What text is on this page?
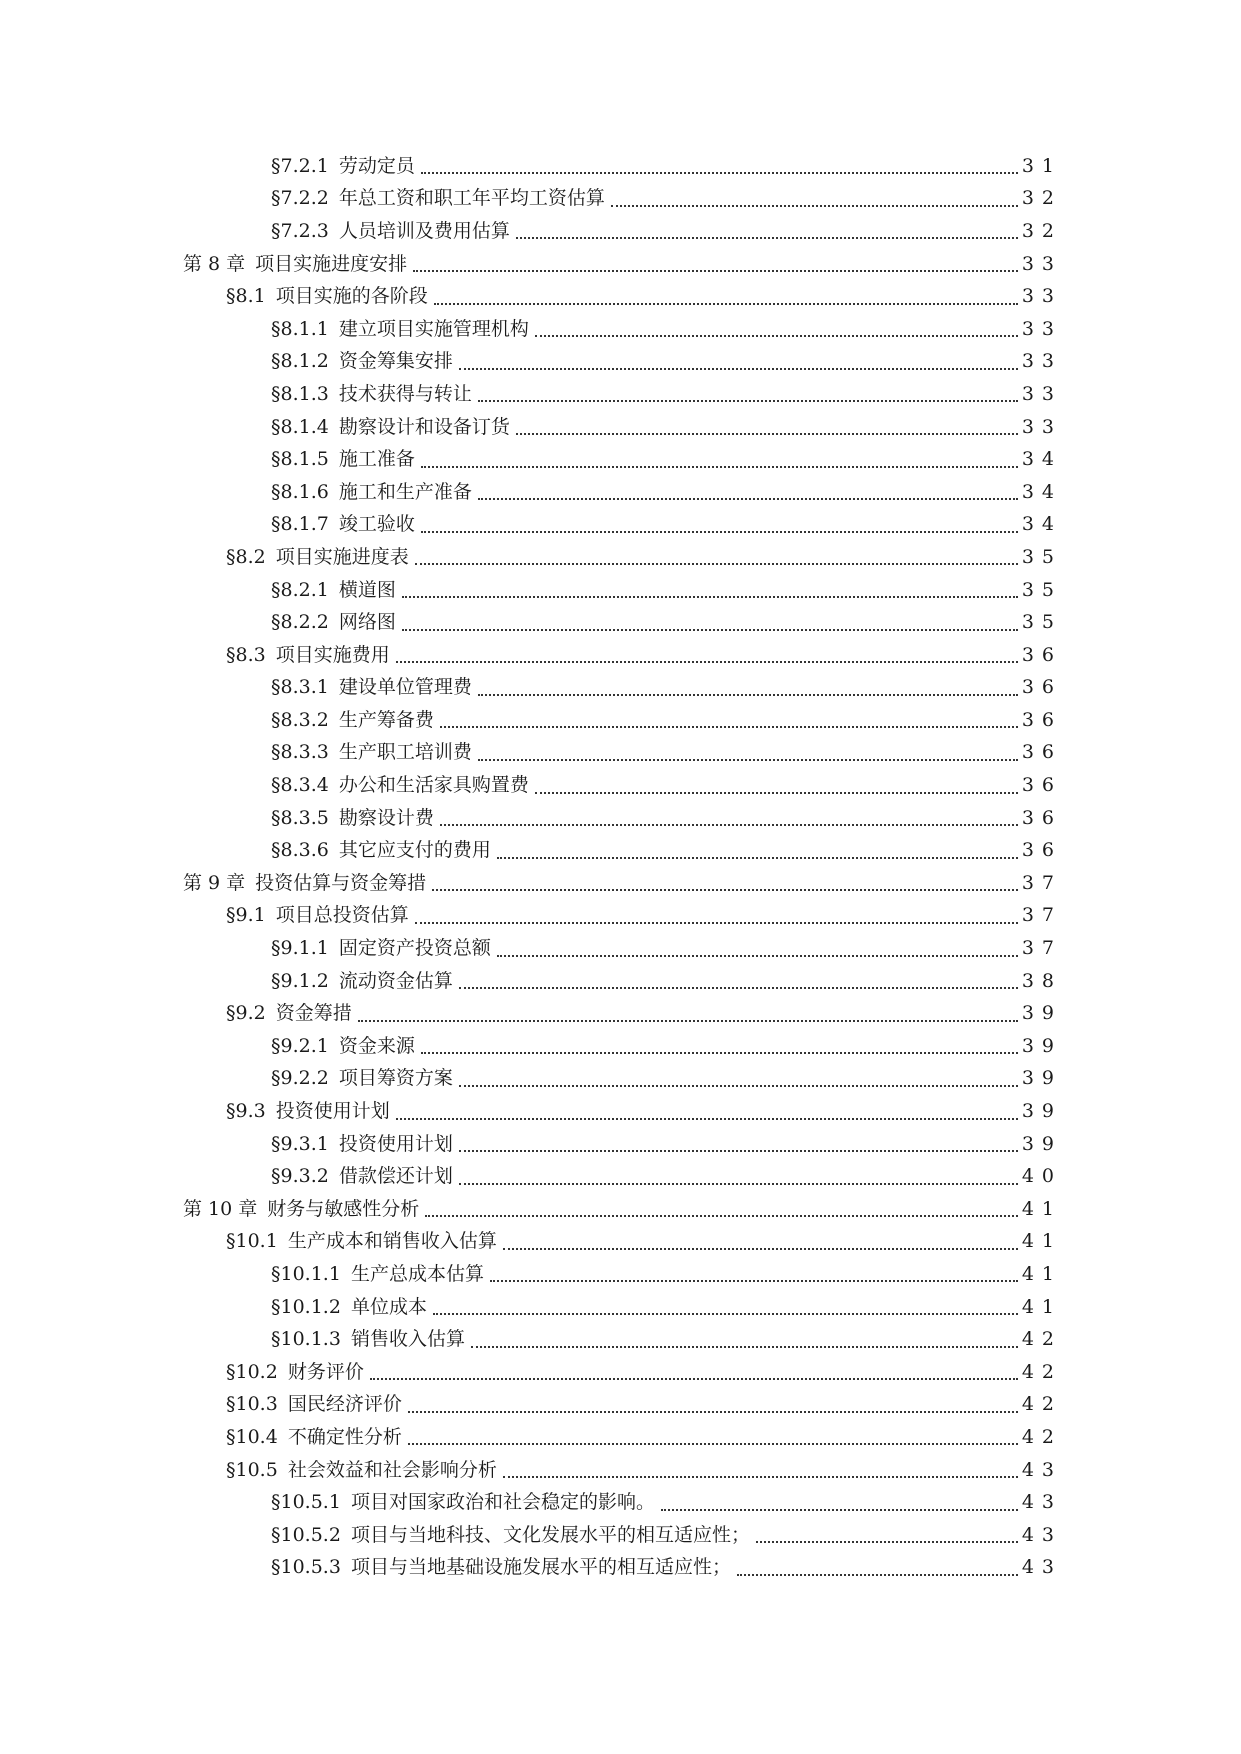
§7.2.1 劳动定员	31
§7.2.2 年总工资和职工年平均工资估算	32
§7.2.3 人员培训及费用估算	32
第 8 章 项目实施进度安排	33
§8.1 项目实施的各阶段	33
§8.1.1 建立项目实施管理机构	33
§8.1.2 资金筹集安排	33
§8.1.3 技术获得与转让	33
§8.1.4 勘察设计和设备订货	33
§8.1.5 施工准备	34
§8.1.6 施工和生产准备	34
§8.1.7 竣工验收	34
§8.2 项目实施进度表	35
§8.2.1 横道图	35
§8.2.2 网络图	35
§8.3 项目实施费用	36
§8.3.1 建设单位管理费	36
§8.3.2 生产筹备费	36
§8.3.3 生产职工培训费	36
§8.3.4 办公和生活家具购置费	36
§8.3.5 勘察设计费	36
§8.3.6 其它应支付的费用	36
第 9 章 投资估算与资金筹措	37
§9.1 项目总投资估算	37
§9.1.1 固定资产投资总额	37
§9.1.2 流动资金估算	38
§9.2 资金筹措	39
§9.2.1 资金来源	39
§9.2.2 项目筹资方案	39
§9.3 投资使用计划	39
§9.3.1 投资使用计划	39
§9.3.2 借款偿还计划	40
第 10 章 财务与敏感性分析	41
§10.1 生产成本和销售收入估算	41
§10.1.1 生产总成本估算	41
§10.1.2 单位成本	41
§10.1.3 销售收入估算	42
§10.2 财务评价	42
§10.3 国民经济评价	42
§10.4 不确定性分析	42
§10.5 社会效益和社会影响分析	43
§10.5.1 项目对国家政治和社会稳定的影响。	43
§10.5.2 项目与当地科技、文化发展水平的相互适应性；	43
§10.5.3 项目与当地基础设施发展水平的相互适应性；	43
